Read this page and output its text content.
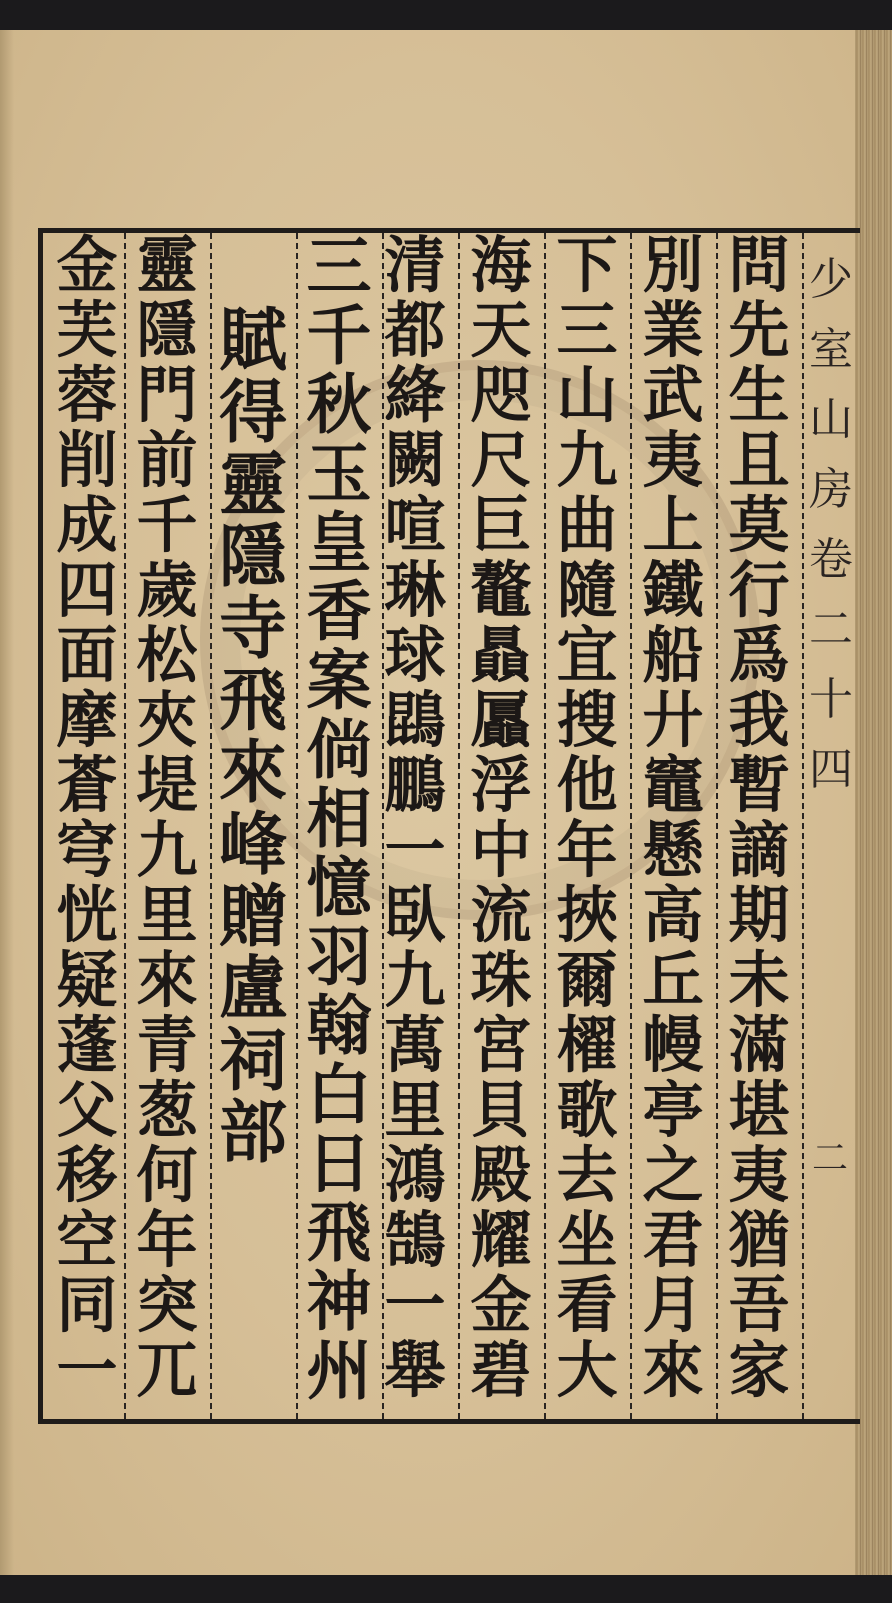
少
室
山
房
卷
二
十
四
二
問
先
生
且
莫
行
爲
我
暫
謫
期
未
滿
堪
夷
猶
吾
家
別
業
武
夷
上
鐵
船
廾
竈
懸
高
丘
幔
亭
之
君
月
來
下
三
山
九
曲
隨
宜
搜
他
年
挾
爾
櫂
歌
去
坐
看
大
海
天
咫
尺
巨
鼇
贔
屭
浮
中
流
珠
宮
貝
殿
耀
金
碧
清
都
絳
闕
喧
琳
球
鵾
鵬
一
臥
九
萬
里
鴻
鵠
一
舉
三
千
秋
玉
皇
香
案
倘
相
憶
羽
翰
白
日
飛
神
州

賦
得
靈
隱
寺
飛
來
峰
贈
盧
祠
部
靈
隱
門
前
千
歲
松
夾
堤
九
里
來
青
葱
何
年
突
兀
金
芙
蓉
削
成
四
面
摩
蒼
穹
恍
疑
蓬
父
移
空
同
一
